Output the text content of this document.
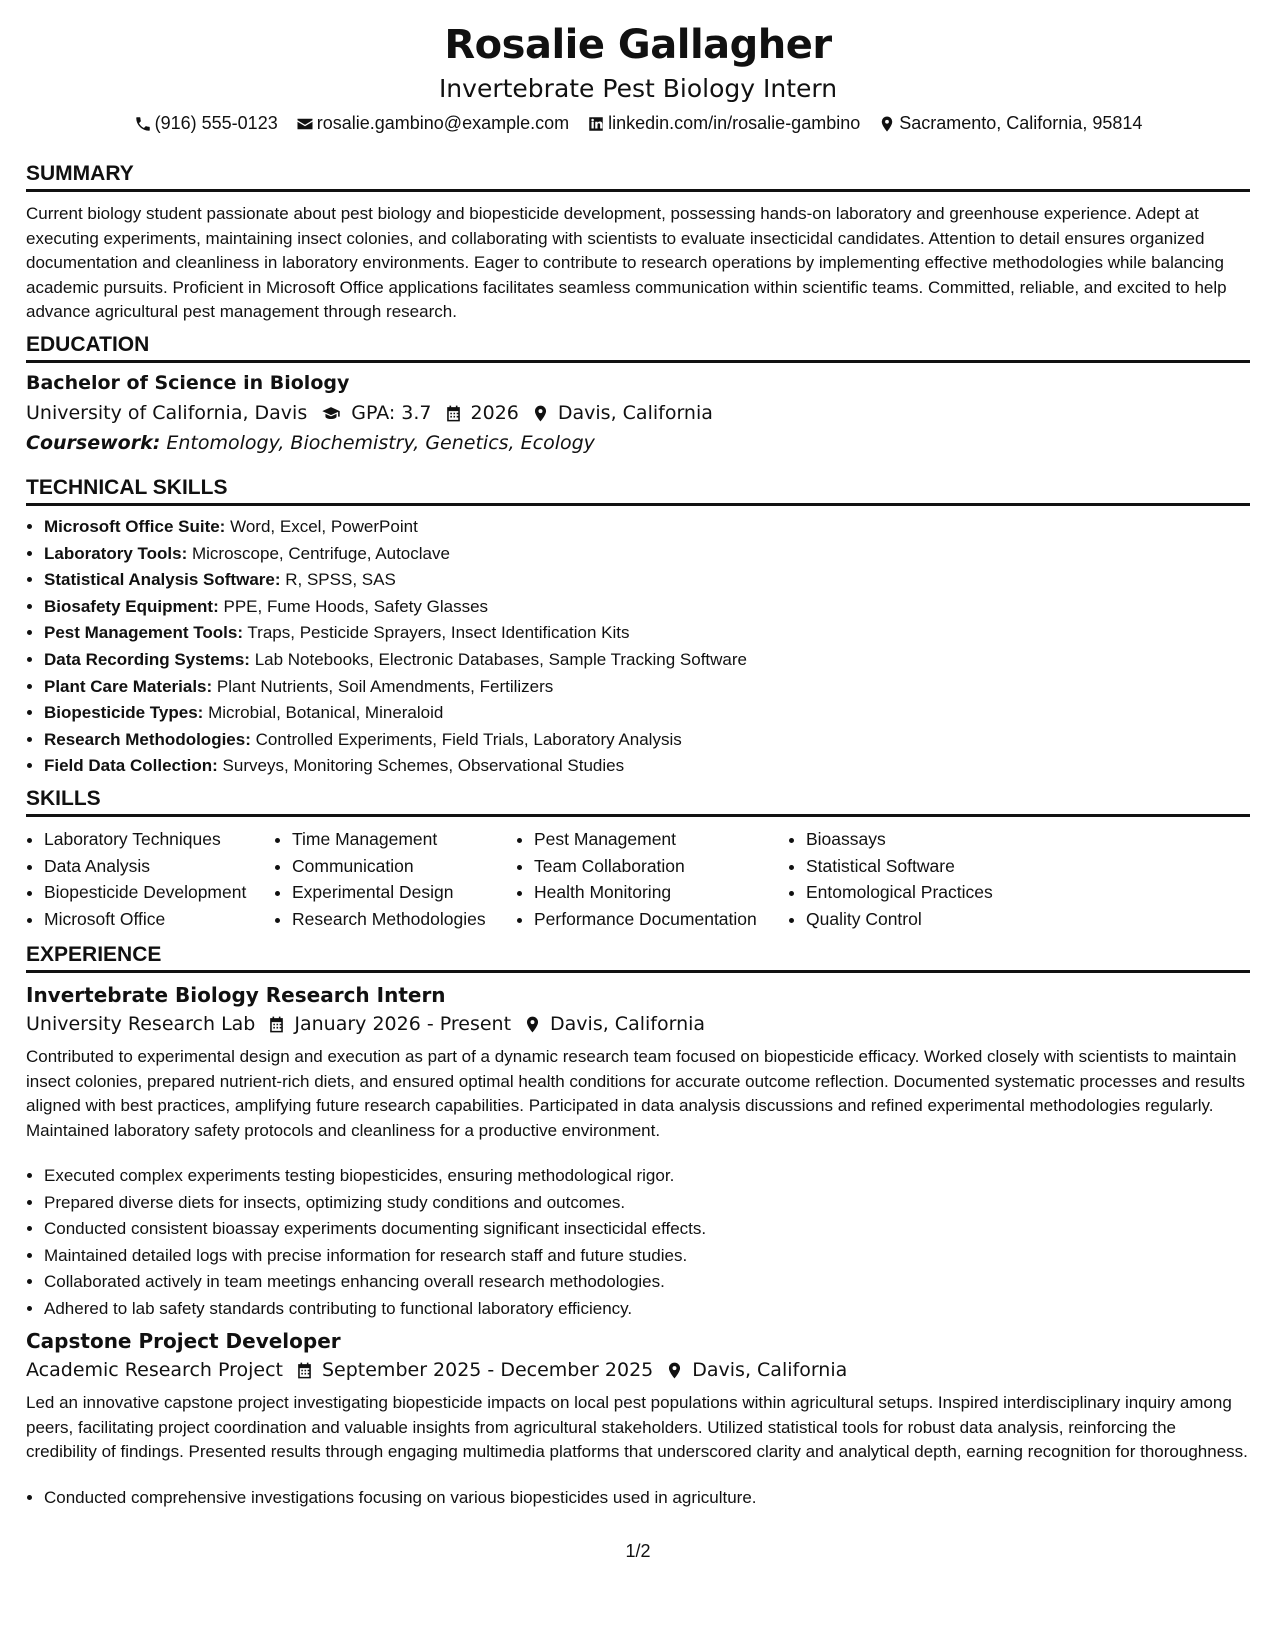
Rosalie Gallagher
Invertebrate Pest Biology Intern
(916) 555-0123 rosalie.gambino@example.com linkedin.com/in/rosalie-gambino Sacramento, California, 95814
SUMMARY
Current biology student passionate about pest biology and biopesticide development, possessing hands-on laboratory and greenhouse experience. Adept at executing experiments, maintaining insect colonies, and collaborating with scientists to evaluate insecticidal candidates. Attention to detail ensures organized documentation and cleanliness in laboratory environments. Eager to contribute to research operations by implementing effective methodologies while balancing academic pursuits. Proficient in Microsoft Office applications facilitates seamless communication within scientific teams. Committed, reliable, and excited to help advance agricultural pest management through research.
EDUCATION
Bachelor of Science in Biology
University of California, Davis GPA: 3.7 2026 Davis, California
Coursework: Entomology, Biochemistry, Genetics, Ecology
TECHNICAL SKILLS
• Microsoft Office Suite: Word, Excel, PowerPoint
• Laboratory Tools: Microscope, Centrifuge, Autoclave
• Statistical Analysis Software: R, SPSS, SAS
• Biosafety Equipment: PPE, Fume Hoods, Safety Glasses
• Pest Management Tools: Traps, Pesticide Sprayers, Insect Identification Kits
• Data Recording Systems: Lab Notebooks, Electronic Databases, Sample Tracking Software
• Plant Care Materials: Plant Nutrients, Soil Amendments, Fertilizers
• Biopesticide Types: Microbial, Botanical, Mineraloid
• Research Methodologies: Controlled Experiments, Field Trials, Laboratory Analysis
• Field Data Collection: Surveys, Monitoring Schemes, Observational Studies
SKILLS
• Laboratory Techniques
• Data Analysis
• Biopesticide Development
• Microsoft Office
• Time Management
• Communication
• Experimental Design
• Research Methodologies
• Pest Management
• Team Collaboration
• Health Monitoring
• Performance Documentation
• Bioassays
• Statistical Software
• Entomological Practices
• Quality Control
EXPERIENCE
Invertebrate Biology Research Intern
University Research Lab January 2026 - Present Davis, California
Contributed to experimental design and execution as part of a dynamic research team focused on biopesticide efficacy. Worked closely with scientists to maintain insect colonies, prepared nutrient-rich diets, and ensured optimal health conditions for accurate outcome reflection. Documented systematic processes and results aligned with best practices, amplifying future research capabilities. Participated in data analysis discussions and refined experimental methodologies regularly. Maintained laboratory safety protocols and cleanliness for a productive environment.
• Executed complex experiments testing biopesticides, ensuring methodological rigor.
• Prepared diverse diets for insects, optimizing study conditions and outcomes.
• Conducted consistent bioassay experiments documenting significant insecticidal effects.
• Maintained detailed logs with precise information for research staff and future studies.
• Collaborated actively in team meetings enhancing overall research methodologies.
• Adhered to lab safety standards contributing to functional laboratory efficiency.
Capstone Project Developer
Academic Research Project September 2025 - December 2025 Davis, California
Led an innovative capstone project investigating biopesticide impacts on local pest populations within agricultural setups. Inspired interdisciplinary inquiry among peers, facilitating project coordination and valuable insights from agricultural stakeholders. Utilized statistical tools for robust data analysis, reinforcing the credibility of findings. Presented results through engaging multimedia platforms that underscored clarity and analytical depth, earning recognition for thoroughness.
• Conducted comprehensive investigations focusing on various biopesticides used in agriculture.
1/2
